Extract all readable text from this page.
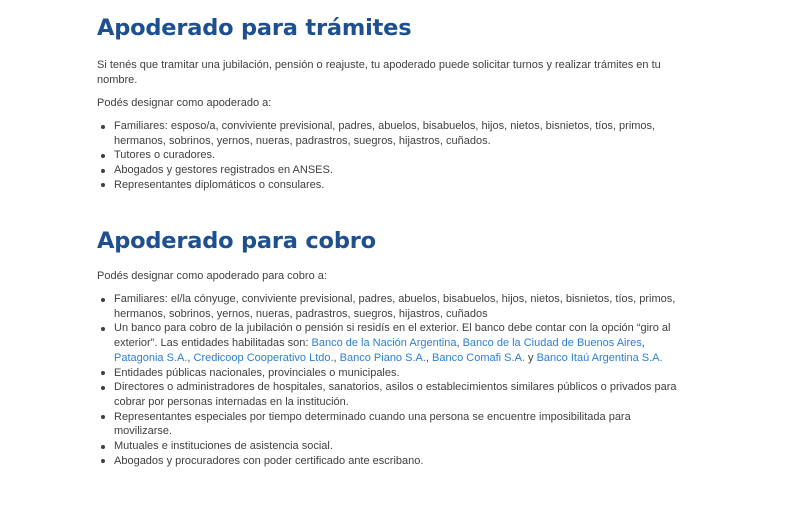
Apoderado para trámites

Si tenés que tramitar una jubilación, pensión o reajuste, tu apoderado puede solicitar turnos y realizar trámites en tu nombre.

Podés designar como apoderado a:

Familiares: esposo/a, conviviente previsional, padres, abuelos, bisabuelos, hijos, nietos, bisnietos, tíos, primos, hermanos, sobrinos, yernos, nueras, padrastros, suegros, hijastros, cuñados.
Tutores o curadores.
Abogados y gestores registrados en ANSES.
Representantes diplomáticos o consulares.
Apoderado para cobro

Podés designar como apoderado para cobro a:

Familiares: el/la cónyuge, conviviente previsional, padres, abuelos, bisabuelos, hijos, nietos, bisnietos, tíos, primos, hermanos, sobrinos, yernos, nueras, padrastros, suegros, hijastros, cuñados
Un banco para cobro de la jubilación o pensión si residís en el exterior. El banco debe contar con la opción “giro al exterior”. Las entidades habilitadas son: Banco de la Nación Argentina, Banco de la Ciudad de Buenos Aires, Patagonia S.A., Credicoop Cooperativo Ltdo., Banco Piano S.A., Banco Comafi S.A. y Banco Itaú Argentina S.A.
Entidades públicas nacionales, provinciales o municipales.
Directores o administradores de hospitales, sanatorios, asilos o establecimientos similares públicos o privados para cobrar por personas internadas en la institución.
Representantes especiales por tiempo determinado cuando una persona se encuentre imposibilitada para movilizarse.
Mutuales e instituciones de asistencia social.
Abogados y procuradores con poder certificado ante escribano.
